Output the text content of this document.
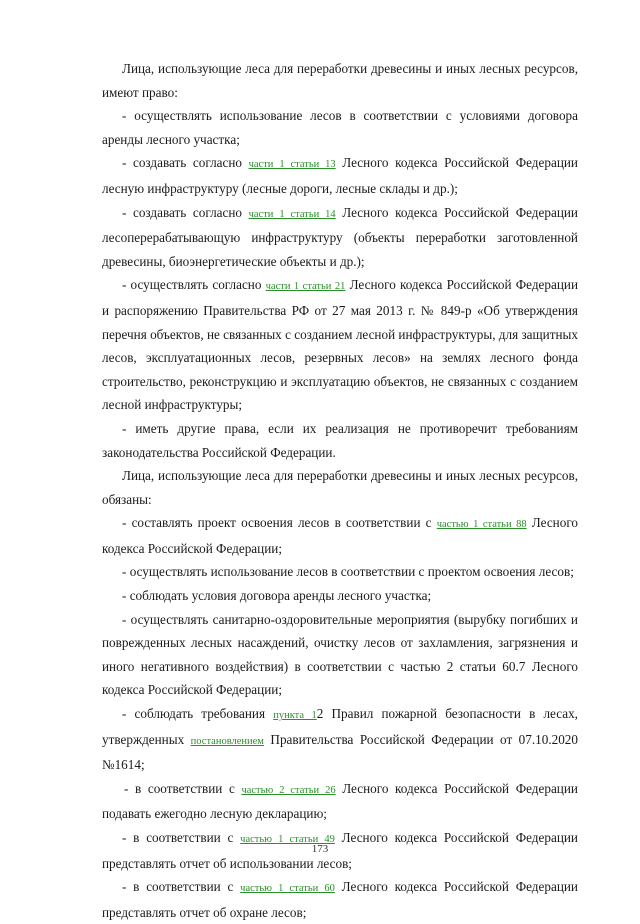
Лица, использующие леса для переработки древесины и иных лесных ресурсов, имеют право:

- осуществлять использование лесов в соответствии с условиями договора аренды лесного участка;

- создавать согласно части 1 статьи 13 Лесного кодекса Российской Федерации лесную инфраструктуру (лесные дороги, лесные склады и др.);

- создавать согласно части 1 статьи 14 Лесного кодекса Российской Федерации лесоперерабатывающую инфраструктуру (объекты переработки заготовленной древесины, биоэнергетические объекты и др.);

- осуществлять согласно части 1 статьи 21 Лесного кодекса Российской Федерации и распоряжению Правительства РФ от 27 мая 2013 г. № 849-р «Об утверждения перечня объектов, не связанных с созданием лесной инфраструктуры, для защитных лесов, эксплуатационных лесов, резервных лесов» на землях лесного фонда строительство, реконструкцию и эксплуатацию объектов, не связанных с созданием лесной инфраструктуры;

- иметь другие права, если их реализация не противоречит требованиям законодательства Российской Федерации.

Лица, использующие леса для переработки древесины и иных лесных ресурсов, обязаны:

- составлять проект освоения лесов в соответствии с частью 1 статьи 88 Лесного кодекса Российской Федерации;

- осуществлять использование лесов в соответствии с проектом освоения лесов;

- соблюдать условия договора аренды лесного участка;

- осуществлять санитарно-оздоровительные мероприятия (вырубку погибших и поврежденных лесных насаждений, очистку лесов от захламления, загрязнения и иного негативного воздействия) в соответствии с частью 2 статьи 60.7 Лесного кодекса Российской Федерации;

- соблюдать требования пункта 12 Правил пожарной безопасности в лесах, утвержденных постановлением Правительства Российской Федерации от 07.10.2020 №1614;

- в соответствии с частью 2 статьи 26 Лесного кодекса Российской Федерации подавать ежегодно лесную декларацию;

- в соответствии с частью 1 статьи 49 Лесного кодекса Российской Федерации представлять отчет об использовании лесов;

- в соответствии с частью 1 статьи 60 Лесного кодекса Российской Федерации представлять отчет об охране лесов;

173
